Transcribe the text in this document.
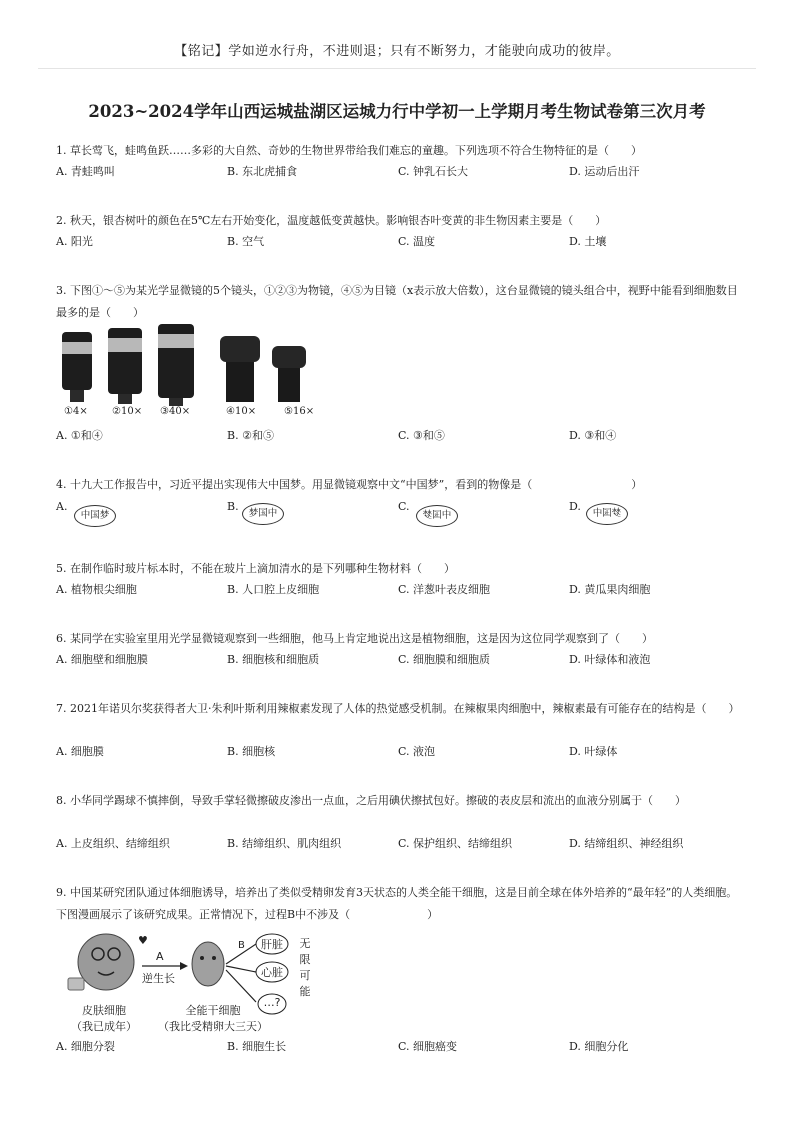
【铭记】学如逆水行舟，不进则退；只有不断努力，才能驶向成功的彼岸。
2023~2024学年山西运城盐湖区运城力行中学初一上学期月考生物试卷第三次月考
1. 草长莺飞，蛙鸣鱼跃……多彩的大自然、奇妙的生物世界带给我们难忘的童趣。下列选项不符合生物特征的是（　　）
A. 青蛙鸣叫	B. 东北虎捕食	C. 钟乳石长大	D. 运动后出汗
2. 秋天，银杏树叶的颜色在5℃左右开始变化，温度越低变黄越快。影响银杏叶变黄的非生物因素主要是（　　）
A. 阳光	B. 空气	C. 温度	D. 土壤
3. 下图①～⑤为某光学显微镜的5个镜头，①②③为物镜，④⑤为目镜（x表示放大倍数），这台显微镜的镜头组合中，视野中能看到细胞数目最多的是（　　）
①4× ②10× ③40×	④10×	⑤16×
A. ①和④	B. ②和⑤	C. ③和⑤	D. ③和④
4. 十九大工作报告中，习近平提出实现伟大中国梦。用显微镜观察中文“中国梦”，看到的物像是（　　　　　　　　　）
A.	B.	C.	D.
中国梦	梦国中	中国梦	梦国中
5. 在制作临时玻片标本时，不能在玻片上滴加清水的是下列哪种生物材料（　　）
A. 植物根尖细胞	B. 人口腔上皮细胞	C. 洋葱叶表皮细胞	D. 黄瓜果肉细胞
6. 某同学在实验室里用光学显微镜观察到一些细胞，他马上肯定地说出这是植物细胞，这是因为这位同学观察到了（　　）
A. 细胞壁和细胞膜	B. 细胞核和细胞质	C. 细胞膜和细胞质	D. 叶绿体和液泡
7. 2021年诺贝尔奖获得者大卫·朱利叶斯利用辣椒素发现了人体的热觉感受机制。在辣椒果肉细胞中，辣椒素最有可能存在的结构是（　　）
A. 细胞膜	B. 细胞核	C. 液泡	D. 叶绿体
8. 小华同学踢球不慎摔倒，导致手掌轻微擦破皮渗出一点血，之后用碘伏擦拭包好。擦破的表皮层和流出的血液分别属于（　　）
A. 上皮组织、结缔组织	B. 结缔组织、肌肉组织	C. 保护组织、结缔组织	D. 结缔组织、神经组织
9. 中国某研究团队通过体细胞诱导，培养出了类似受精卵发育3天状态的人类全能干细胞，这是目前全球在体外培养的“最年轻”的人类细胞。下图漫画展示了该研究成果。正常情况下，过程B中不涉及（　　　　　　　）
♥
A
逆生长
B 肝脏
心脏
…?
无限可能
皮肤细胞
（我已成年）
全能干细胞
（我比受精卵大三天）
A. 细胞分裂	B. 细胞生长	C. 细胞癌变	D. 细胞分化
